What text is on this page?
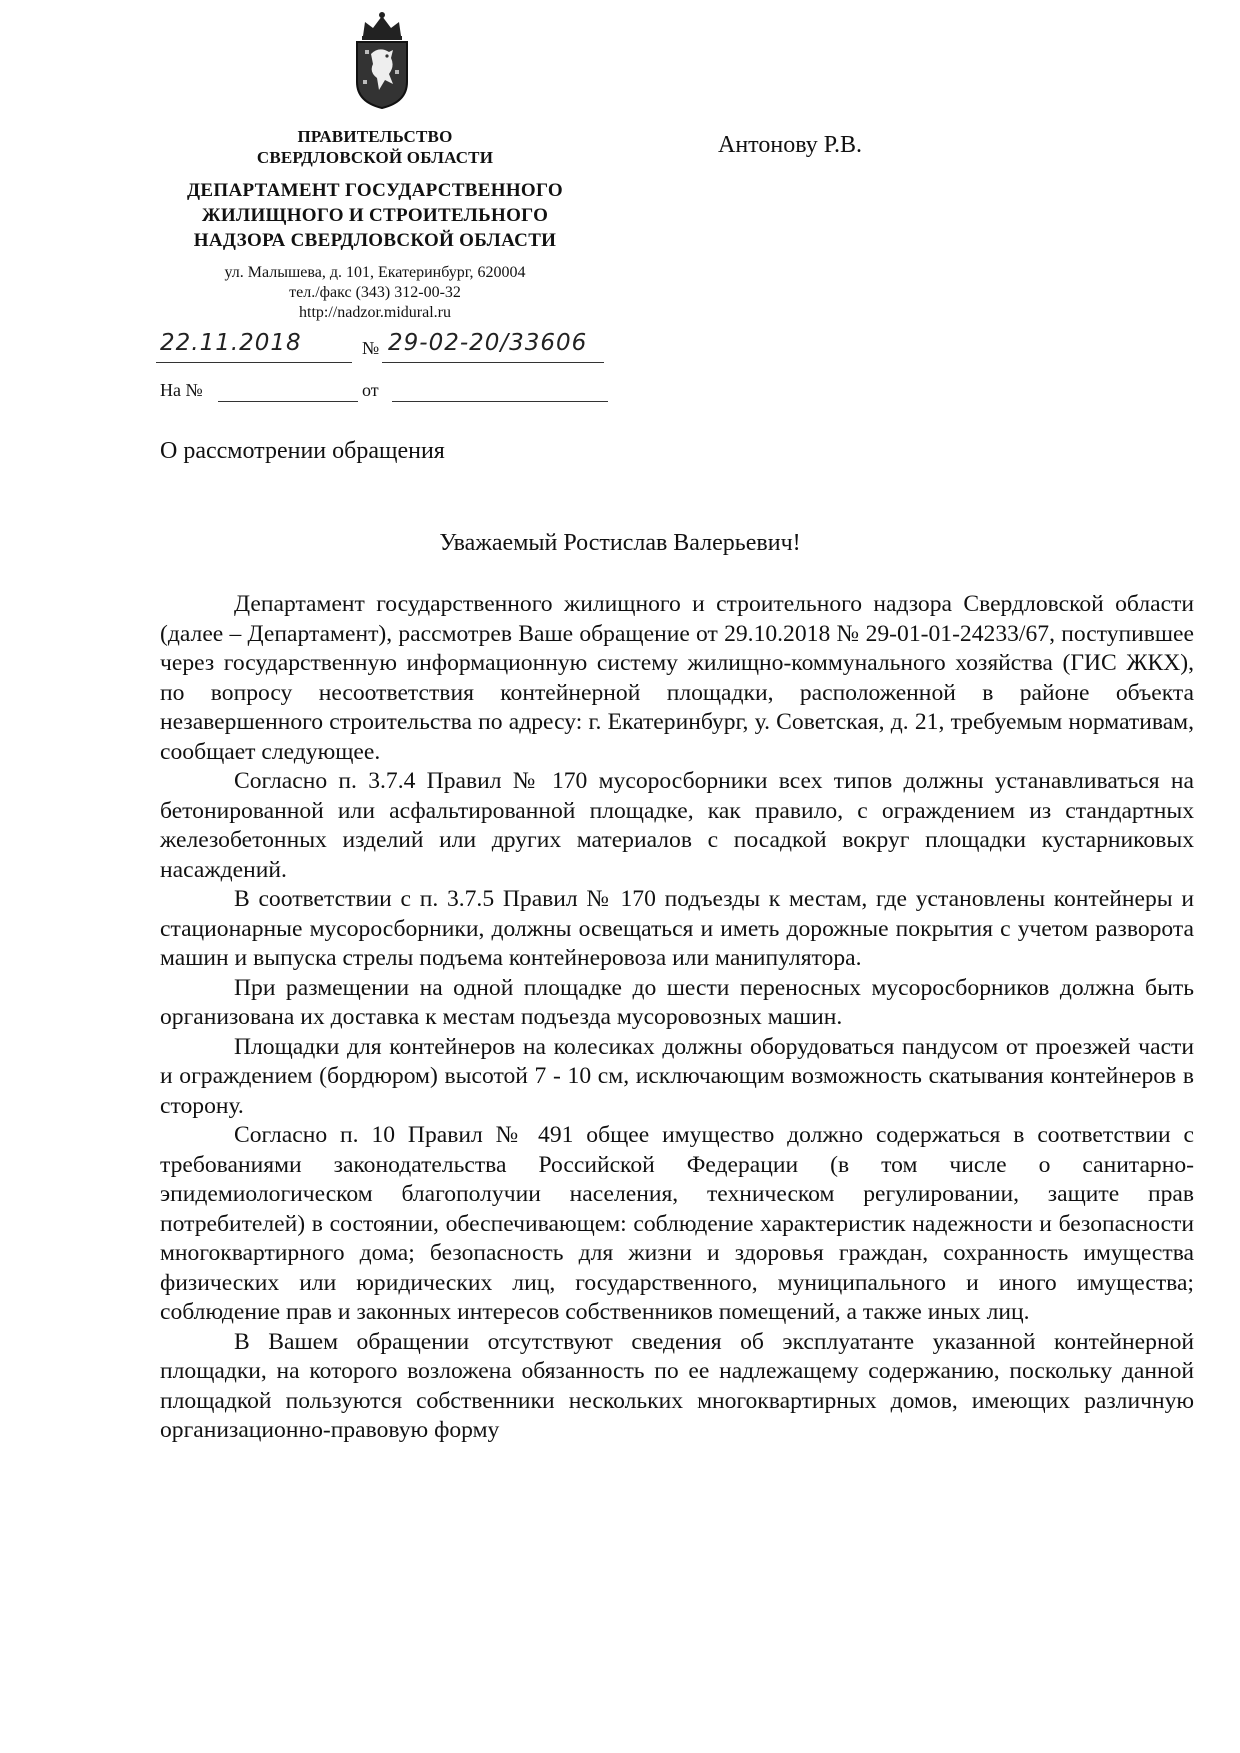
ПРАВИТЕЛЬСТВО
СВЕРДЛОВСКОЙ ОБЛАСТИ
ДЕПАРТАМЕНТ ГОСУДАРСТВЕННОГО
ЖИЛИЩНОГО И СТРОИТЕЛЬНОГО
НАДЗОРА СВЕРДЛОВСКОЙ ОБЛАСТИ
ул. Малышева, д. 101, Екатеринбург, 620004
тел./факс (343) 312-00-32
http://nadzor.midural.ru
Антонову Р.В.
22.11.2018	№ 29-02-20/33606
На №	от
О рассмотрении обращения
Уважаемый Ростислав Валерьевич!

Департамент государственного жилищного и строительного надзора Свердловской области (далее – Департамент), рассмотрев Ваше обращение от 29.10.2018 № 29-01-01-24233/67, поступившее через государственную информационную систему жилищно-коммунального хозяйства (ГИС ЖКХ), по вопросу несоответствия контейнерной площадки, расположенной в районе объекта незавершенного строительства по адресу: г. Екатеринбург, у. Советская, д. 21, требуемым нормативам, сообщает следующее.

Согласно п. 3.7.4 Правил № 170 мусоросборники всех типов должны устанавливаться на бетонированной или асфальтированной площадке, как правило, с ограждением из стандартных железобетонных изделий или других материалов с посадкой вокруг площадки кустарниковых насаждений.

В соответствии с п. 3.7.5 Правил № 170 подъезды к местам, где установлены контейнеры и стационарные мусоросборники, должны освещаться и иметь дорожные покрытия с учетом разворота машин и выпуска стрелы подъема контейнеровоза или манипулятора.

При размещении на одной площадке до шести переносных мусоросборников должна быть организована их доставка к местам подъезда мусоровозных машин.

Площадки для контейнеров на колесиках должны оборудоваться пандусом от проезжей части и ограждением (бордюром) высотой 7 - 10 см, исключающим возможность скатывания контейнеров в сторону.

Согласно п. 10 Правил № 491 общее имущество должно содержаться в соответствии с требованиями законодательства Российской Федерации (в том числе о санитарно-эпидемиологическом благополучии населения, техническом регулировании, защите прав потребителей) в состоянии, обеспечивающем: соблюдение характеристик надежности и безопасности многоквартирного дома; безопасность для жизни и здоровья граждан, сохранность имущества физических или юридических лиц, государственного, муниципального и иного имущества; соблюдение прав и законных интересов собственников помещений, а также иных лиц.

В Вашем обращении отсутствуют сведения об эксплуатанте указанной контейнерной площадки, на которого возложена обязанность по ее надлежащему содержанию, поскольку данной площадкой пользуются собственники нескольких многоквартирных домов, имеющих различную организационно-правовую форму
